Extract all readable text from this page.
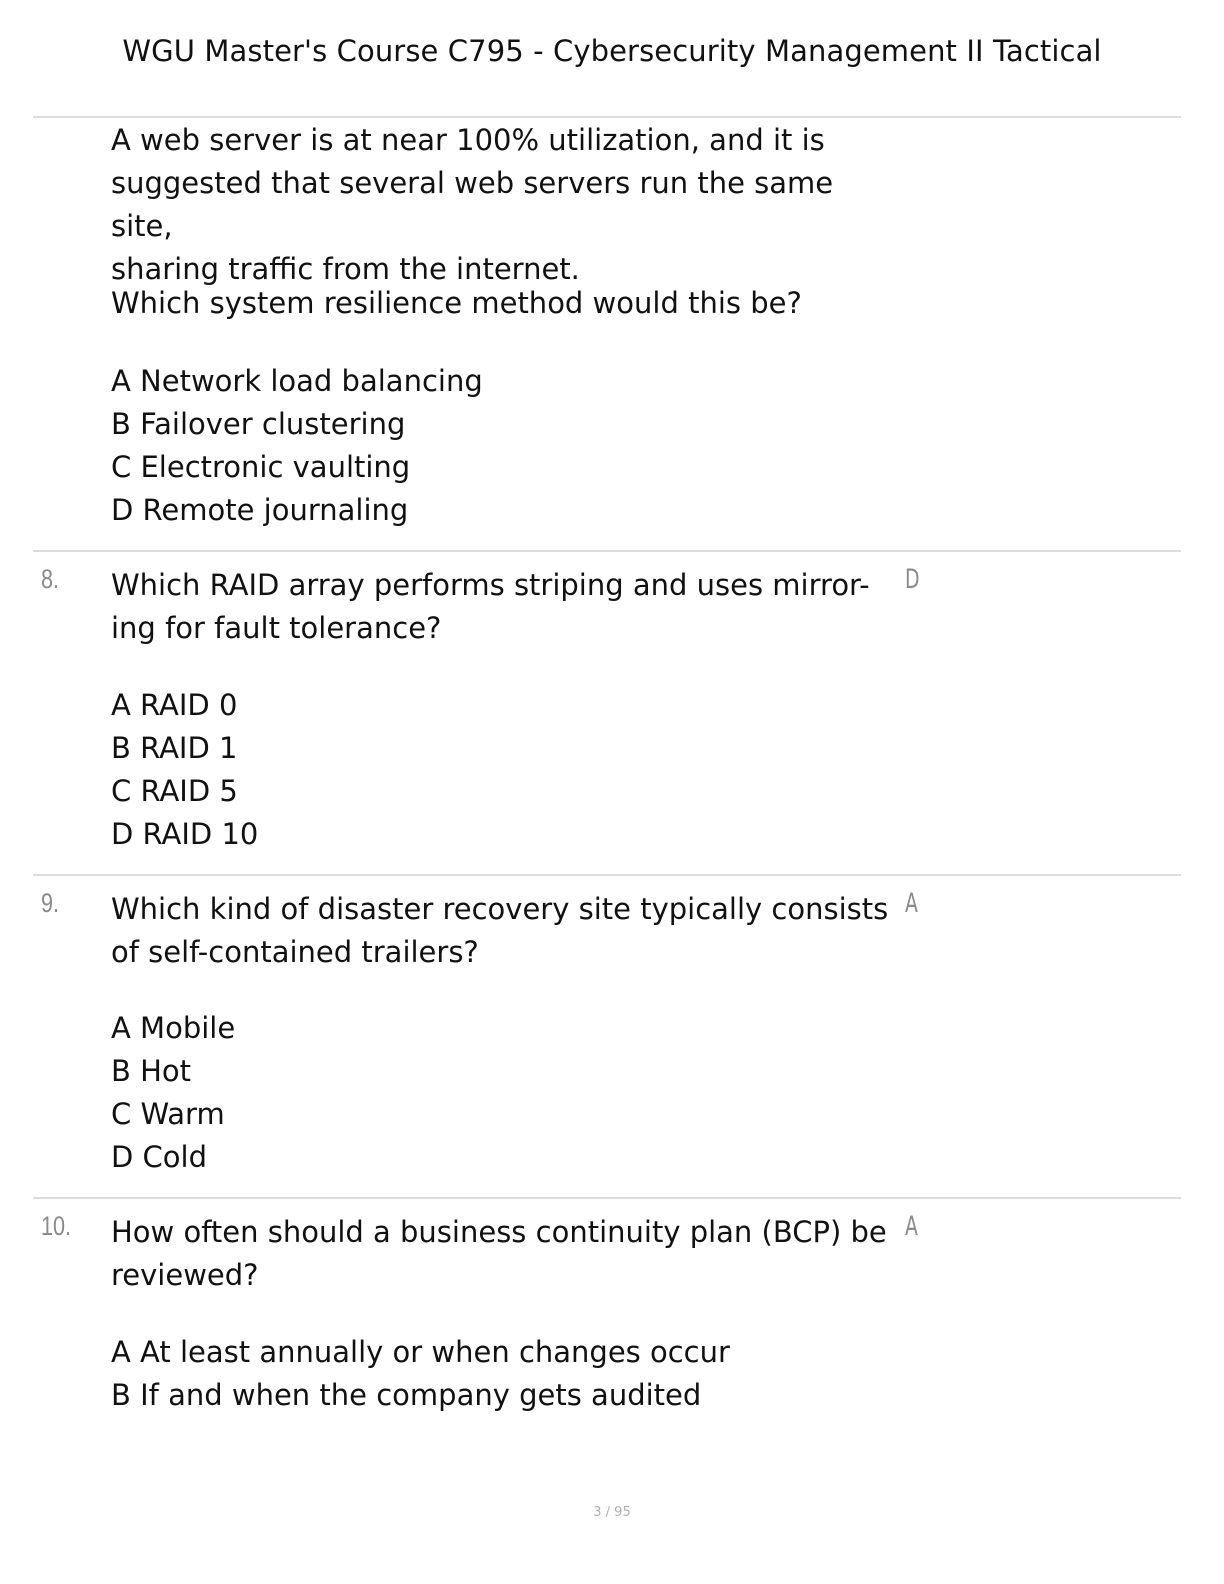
WGU Master's Course C795 - Cybersecurity Management II Tactical
A web server is at near 100% utilization, and it is
suggested that several web servers run the same site,
sharing traffic from the internet.
Which system resilience method would this be?
A Network load balancing
B Failover clustering
C Electronic vaulting
D Remote journaling
8. Which RAID array performs striping and uses mirror-
ing for fault tolerance?
D
A RAID 0
B RAID 1
C RAID 5
D RAID 10
9. Which kind of disaster recovery site typically consists
of self-contained trailers?
A
A Mobile
B Hot
C Warm
D Cold
10. How often should a business continuity plan (BCP) be
reviewed?
A
A At least annually or when changes occur
B If and when the company gets audited
3 / 95
